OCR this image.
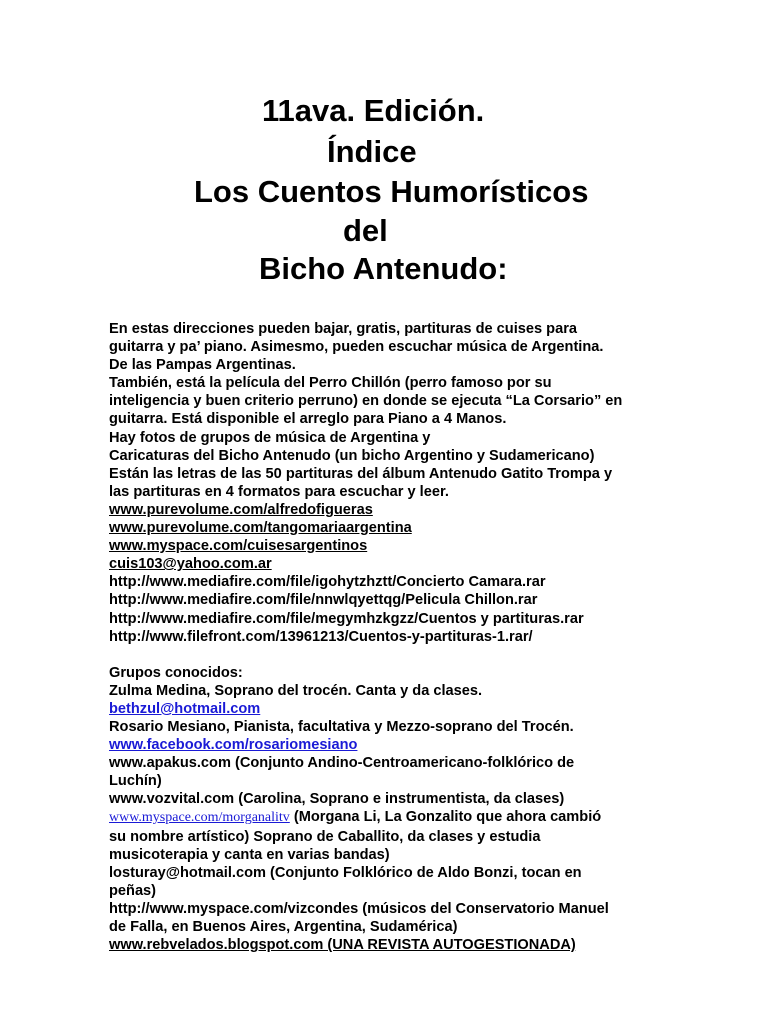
11ava. Edición.
Índice
Los Cuentos Humorísticos
del
Bicho Antenudo:
En estas direcciones pueden bajar, gratis, partituras de cuises para
guitarra y pa’ piano. Asimesmo, pueden escuchar música de Argentina.
De las Pampas Argentinas.
También, está la película del Perro Chillón (perro famoso por su
inteligencia y buen criterio perruno) en donde se ejecuta “La Corsario” en
guitarra. Está disponible el arreglo para Piano a 4 Manos.
Hay fotos de grupos de música de Argentina y
Caricaturas del Bicho Antenudo (un bicho Argentino y Sudamericano)
Están las letras de las 50 partituras del álbum Antenudo Gatito Trompa y
las partituras en 4 formatos para escuchar y leer.
www.purevolume.com/alfredofigueras
www.purevolume.com/tangomariaargentina
www.myspace.com/cuisesargentinos
cuis103@yahoo.com.ar
http://www.mediafire.com/file/igohytzhztt/Concierto Camara.rar
http://www.mediafire.com/file/nnwlqyettqg/Pelicula Chillon.rar
http://www.mediafire.com/file/megymhzkgzz/Cuentos y partituras.rar
http://www.filefront.com/13961213/Cuentos-y-partituras-1.rar/
Grupos conocidos:
Zulma Medina, Soprano del trocén. Canta y da clases.
bethzul@hotmail.com
Rosario Mesiano, Pianista, facultativa y Mezzo-soprano del Trocén.
www.facebook.com/rosariomesiano
www.apakus.com (Conjunto Andino-Centroamericano-folklórico de
Luchín)
www.vozvital.com (Carolina, Soprano e instrumentista, da clases)
www.myspace.com/morganalitv (Morgana Li, La Gonzalito que ahora cambió
su nombre artístico) Soprano de Caballito, da clases y estudia
musicoterapia y canta en varias bandas)
losturay@hotmail.com (Conjunto Folklórico de Aldo Bonzi, tocan en
peñas)
http://www.myspace.com/vizcondes (músicos del Conservatorio Manuel
de Falla, en Buenos Aires, Argentina, Sudamérica)
www.rebvelados.blogspot.com (UNA REVISTA AUTOGESTIONADA)
